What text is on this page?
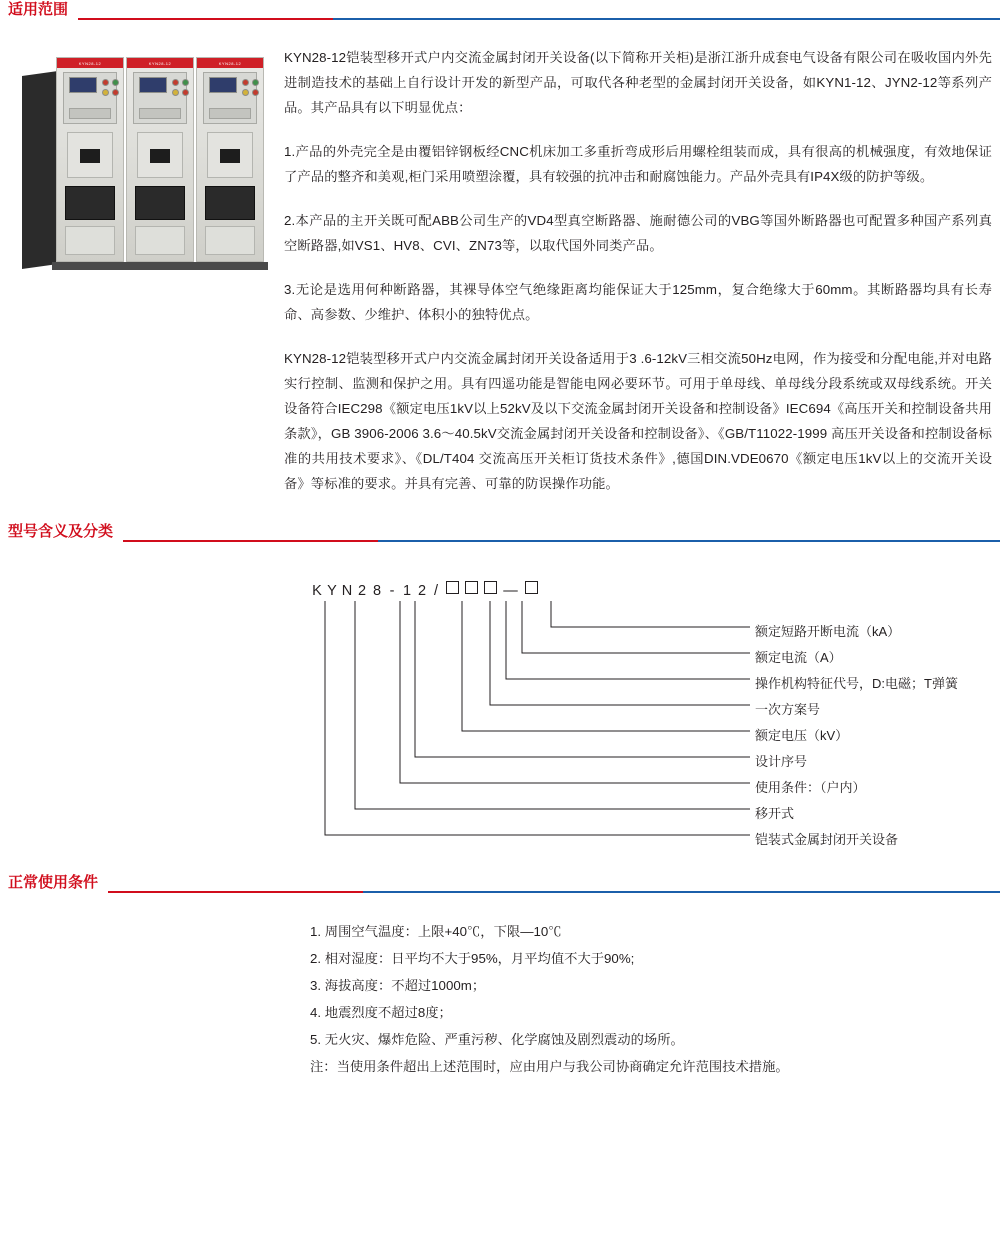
适用范围
KYN28-12	KYN28-12	KYN28-12	KYN28-12铠装型移开式户内交流金属封闭开关设备(以下简称开关柜)是浙江浙升成套电气设备有限公司在吸收国内外先进制造技术的基础上自行设计开发的新型产品，可取代各种老型的金属封闭开关设备，如KYN1-12、JYN2-12等系列产品。其产品具有以下明显优点：

1.产品的外壳完全是由覆铝锌钢板经CNC机床加工多重折弯成形后用螺栓组装而成，具有很高的机械强度，有效地保证了产品的整齐和美观,柜门采用喷塑涂覆，具有较强的抗冲击和耐腐蚀能力。产品外壳具有IP4X级的防护等级。

2.本产品的主开关既可配ABB公司生产的VD4型真空断路器、施耐德公司的VBG等国外断路器也可配置多种国产系列真空断路器,如VS1、HV8、CVI、ZN73等，以取代国外同类产品。

3.无论是选用何种断路器，其裸导体空气绝缘距离均能保证大于125mm，复合绝缘大于60mm。其断路器均具有长寿命、高参数、少维护、体积小的独特优点。

KYN28-12铠装型移开式户内交流金属封闭开关设备适用于3 .6-12kV三相交流50Hz电网，作为接受和分配电能,并对电路实行控制、监测和保护之用。具有四遥功能是智能电网必要环节。可用于单母线、单母线分段系统或双母线系统。开关设备符合IEC298《额定电压1kV以上52kV及以下交流金属封闭开关设备和控制设备》IEC694《高压开关和控制设备共用条款》，GB 3906-2006 3.6～40.5kV交流金属封闭开关设备和控制设备》、《GB/T11022-1999 高压开关设备和控制设备标准的共用技术要求》、《DL/T404 交流高压开关柜订货技术条件》,德国DIN.VDE0670《额定电压1kV以上的交流开关设备》等标准的要求。并具有完善、可靠的防误操作功能。

型号含义及分类
K Y N 2 8 - 1 2 /	—
额定短路开断电流（kA）
额定电流（A）
操作机构特征代号，D:电磁；T弹簧
一次方案号
额定电压（kV）
设计序号
使用条件：（户内）
移开式
铠装式金属封闭开关设备
正常使用条件
1. 周围空气温度：上限+40℃，下限—10℃
2. 相对湿度：日平均不大于95%，月平均值不大于90%;
3. 海拔高度：不超过1000m；
4. 地震烈度不超过8度；
5. 无火灾、爆炸危险、严重污秽、化学腐蚀及剧烈震动的场所。
注：当使用条件超出上述范围时，应由用户与我公司协商确定允许范围技术措施。
